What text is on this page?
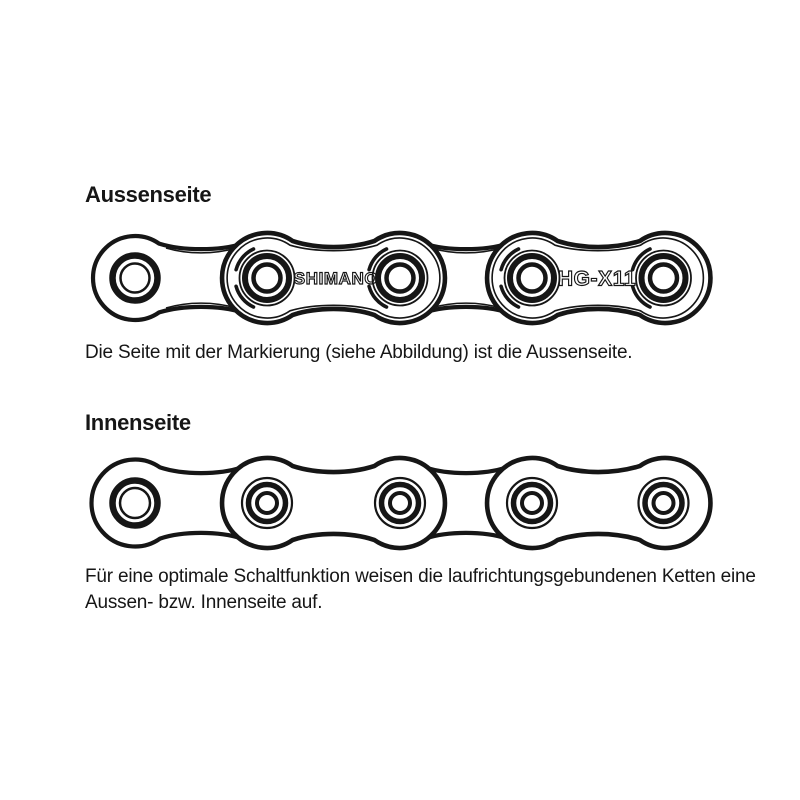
Aussenseite
SHIMANO	HG-X11
Die Seite mit der Markierung (siehe Abbildung) ist die Aussenseite.
Innenseite
Für eine optimale Schaltfunktion weisen die laufrichtungsgebundenen Ketten eine
Aussen- bzw. Innenseite auf.
